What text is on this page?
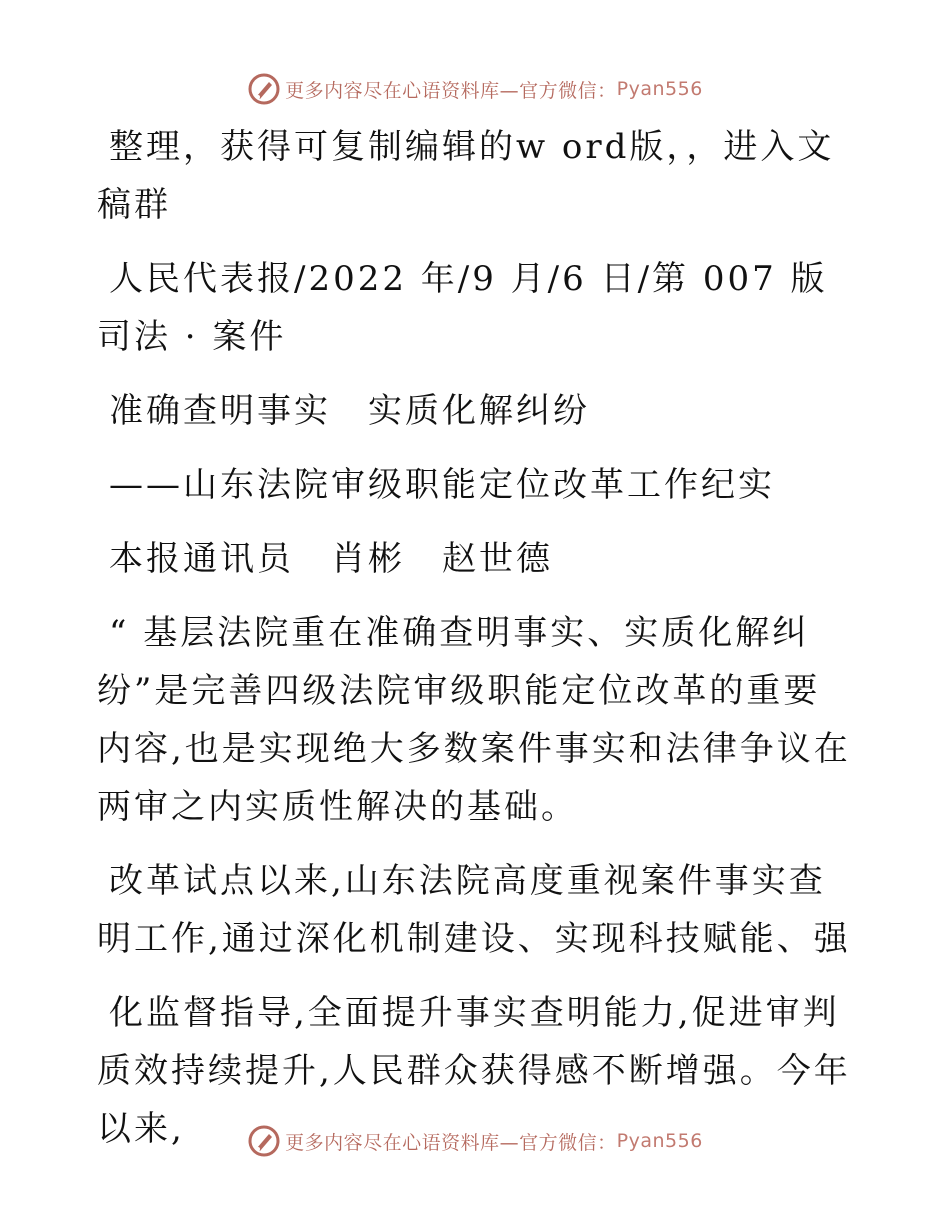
更多内容尽在心语资料库—官方微信： Pyan556

整理，获得可复制编辑的w ord版，，进入文稿群

人民代表报/2022 年/9 月/6 日/第 007 版司法 · 案件

准确查明事实　实质化解纠纷

——山东法院审级职能定位改革工作纪实

本报通讯员　肖彬　赵世德

“ 基层法院重在准确查明事实、实质化解纠纷”是完善四级法院审级职能定位改革的重要内容,也是实现绝大多数案件事实和法律争议在两审之内实质性解决的基础。

改革试点以来,山东法院高度重视案件事实查明工作,通过深化机制建设、实现科技赋能、强

化监督指导,全面提升事实查明能力,促进审判质效持续提升,人民群众获得感不断增强。今年以来,	更多内容尽在心语资料库—官方微信： Pyan556
